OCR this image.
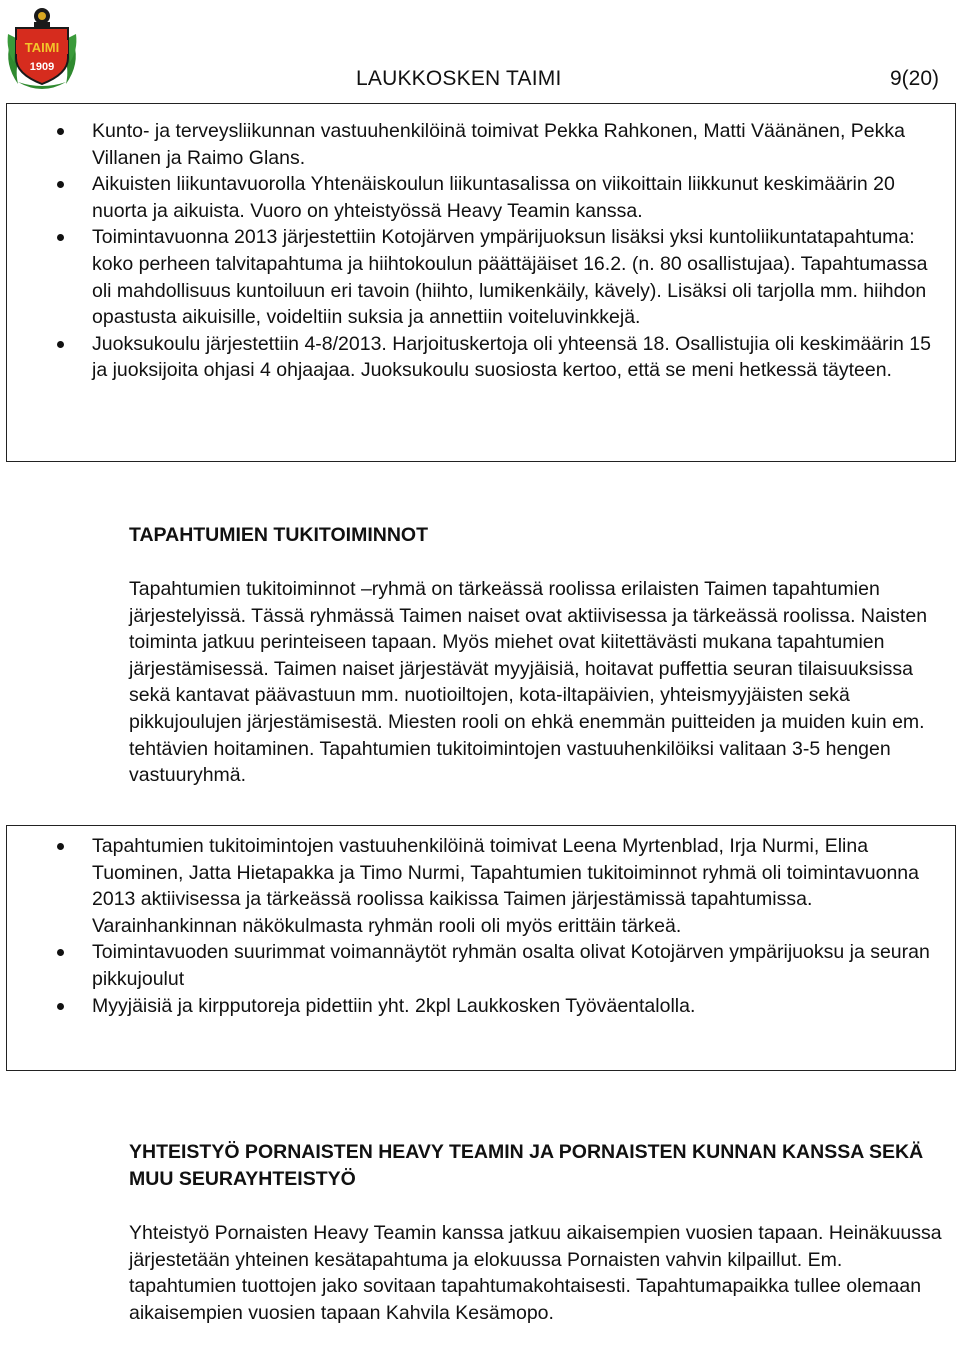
TAIMI
1909	LAUKKOSKEN TAIMI	9(20)
Kunto- ja terveysliikunnan vastuuhenkilöinä toimivat Pekka Rahkonen, Matti Väänänen, Pekka Villanen ja Raimo Glans.
Aikuisten liikuntavuorolla Yhtenäiskoulun liikuntasalissa on viikoittain liikkunut keskimäärin 20 nuorta ja aikuista. Vuoro on yhteistyössä Heavy Teamin kanssa.
Toimintavuonna 2013 järjestettiin Kotojärven ympärijuoksun lisäksi yksi kuntoliikuntatapahtuma: koko perheen talvitapahtuma ja hiihtokoulun päättäjäiset 16.2. (n. 80 osallistujaa). Tapahtumassa oli mahdollisuus kuntoiluun eri tavoin (hiihto, lumikenkäily, kävely). Lisäksi oli tarjolla mm. hiihdon opastusta aikuisille, voideltiin suksia ja annettiin voiteluvinkkejä.
Juoksukoulu järjestettiin 4-8/2013. Harjoituskertoja oli yhteensä 18. Osallistujia oli keskimäärin 15 ja juoksijoita ohjasi 4 ohjaajaa. Juoksukoulu suosiosta kertoo, että se meni hetkessä täyteen.
TAPAHTUMIEN TUKITOIMINNOT
Tapahtumien tukitoiminnot –ryhmä on tärkeässä roolissa erilaisten Taimen tapahtumien järjestelyissä. Tässä ryhmässä Taimen naiset ovat aktiivisessa ja tärkeässä roolissa. Naisten toiminta jatkuu perinteiseen tapaan. Myös miehet ovat kiitettävästi mukana tapahtumien järjestämisessä. Taimen naiset järjestävät myyjäisiä, hoitavat puffettia seuran tilaisuuksissa sekä kantavat päävastuun mm. nuotioiltojen, kota-iltapäivien, yhteismyyjäisten sekä pikkujoulujen järjestämisestä. Miesten rooli on ehkä enemmän puitteiden ja muiden kuin em. tehtävien hoitaminen. Tapahtumien tukitoimintojen vastuuhenkilöiksi valitaan 3-5 hengen vastuuryhmä.
Tapahtumien tukitoimintojen vastuuhenkilöinä toimivat Leena Myrtenblad, Irja Nurmi, Elina Tuominen, Jatta Hietapakka ja Timo Nurmi, Tapahtumien tukitoiminnot ryhmä oli toimintavuonna 2013 aktiivisessa ja tärkeässä roolissa kaikissa Taimen järjestämissä tapahtumissa. Varainhankinnan näkökulmasta ryhmän rooli oli myös erittäin tärkeä.
Toimintavuoden suurimmat voimannäytöt ryhmän osalta olivat Kotojärven ympärijuoksu ja seuran pikkujoulut
Myyjäisiä ja kirpputoreja pidettiin yht. 2kpl Laukkosken Työväentalolla.
YHTEISTYÖ PORNAISTEN HEAVY TEAMIN JA PORNAISTEN KUNNAN KANSSA SEKÄ MUU SEURAYHTEISTYÖ
Yhteistyö Pornaisten Heavy Teamin kanssa jatkuu aikaisempien vuosien tapaan. Heinäkuussa järjestetään yhteinen kesätapahtuma ja elokuussa Pornaisten vahvin kilpaillut. Em. tapahtumien tuottojen jako sovitaan tapahtumakohtaisesti. Tapahtumapaikka tullee olemaan aikaisempien vuosien tapaan Kahvila Kesämopo.
